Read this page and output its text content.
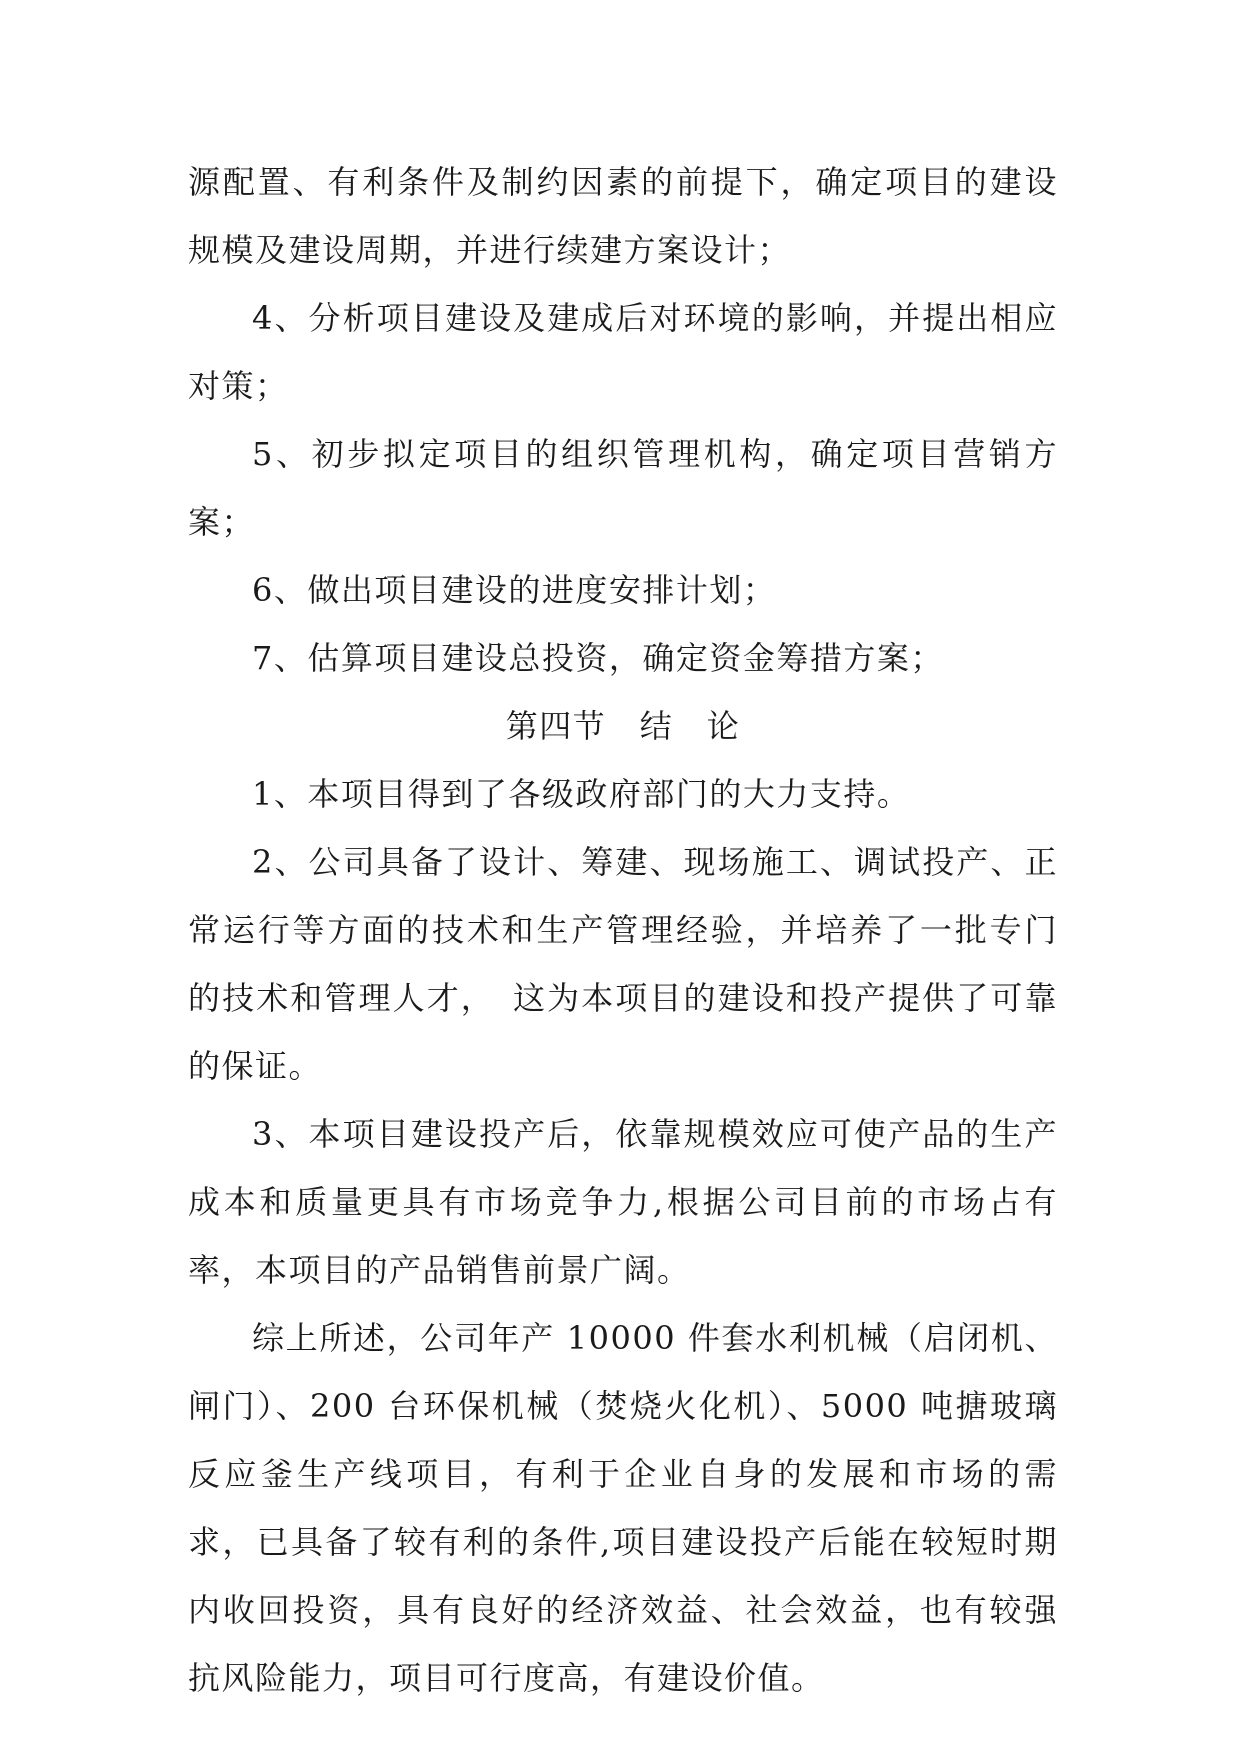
源配置、有利条件及制约因素的前提下，确定项目的建设规模及建设周期，并进行续建方案设计；

4、分析项目建设及建成后对环境的影响，并提出相应对策；

5、初步拟定项目的组织管理机构，确定项目营销方案；

6、做出项目建设的进度安排计划；

7、估算项目建设总投资，确定资金筹措方案；

第四节　结　论

1、本项目得到了各级政府部门的大力支持。

2、公司具备了设计、筹建、现场施工、调试投产、正常运行等方面的技术和生产管理经验，并培养了一批专门的技术和管理人才，　这为本项目的建设和投产提供了可靠的保证。

3、本项目建设投产后，依靠规模效应可使产品的生产成本和质量更具有市场竞争力,根据公司目前的市场占有率，本项目的产品销售前景广阔。

综上所述，公司年产 10000 件套水利机械（启闭机、闸门）、200 台环保机械（焚烧火化机）、5000 吨搪玻璃反应釜生产线项目，有利于企业自身的发展和市场的需求，已具备了较有利的条件,项目建设投产后能在较短时期内收回投资，具有良好的经济效益、社会效益，也有较强抗风险能力，项目可行度高，有建设价值。
